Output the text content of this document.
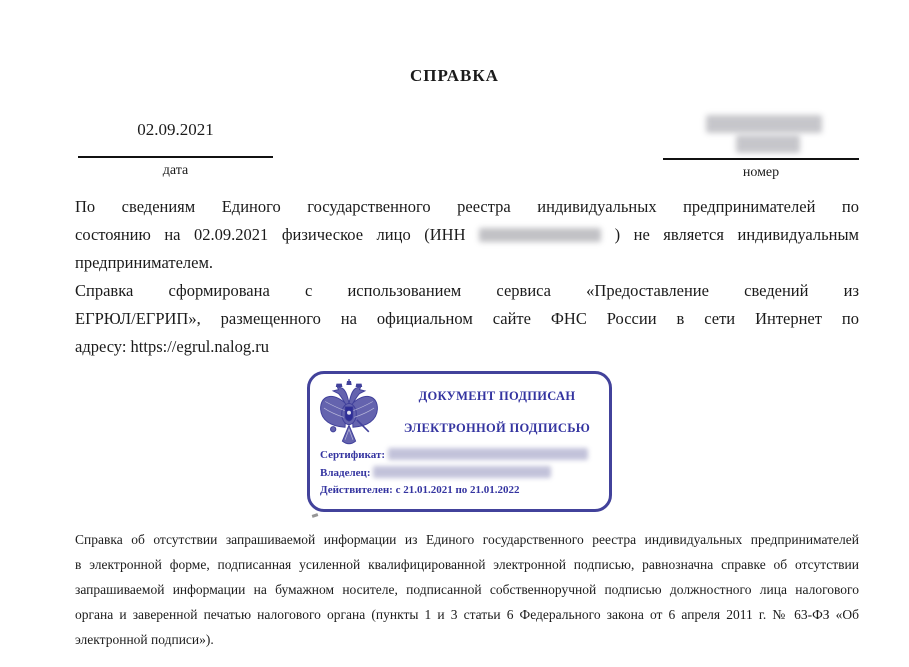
СПРАВКА
02.09.2021
дата	номер
По сведениям Единого государственного реестра индивидуальных предпринимателей по
состоянию на 02.09.2021 физическое лицо (ИНН	) не является индивидуальным
предпринимателем.
Справка сформирована с использованием сервиса «Предоставление сведений из
ЕГРЮЛ/ЕГРИП», размещенного на официальном сайте ФНС России в сети Интернет по
адресу: https://egrul.nalog.ru
ДОКУМЕНТ ПОДПИСАН
ЭЛЕКТРОННОЙ ПОДПИСЬЮ
Сертификат:
Владелец:
Действителен: с 21.01.2021 по 21.01.2022
Справка об отсутствии запрашиваемой информации из Единого государственного реестра индивидуальных предпринимателей
в электронной форме, подписанная усиленной квалифицированной электронной подписью, равнозначна справке об отсутствии
запрашиваемой информации на бумажном носителе, подписанной собственноручной подписью должностного лица налогового
органа и заверенной печатью налогового органа (пункты 1 и 3 статьи 6 Федерального закона от 6 апреля 2011 г. № 63-ФЗ «Об
электронной подписи»).
